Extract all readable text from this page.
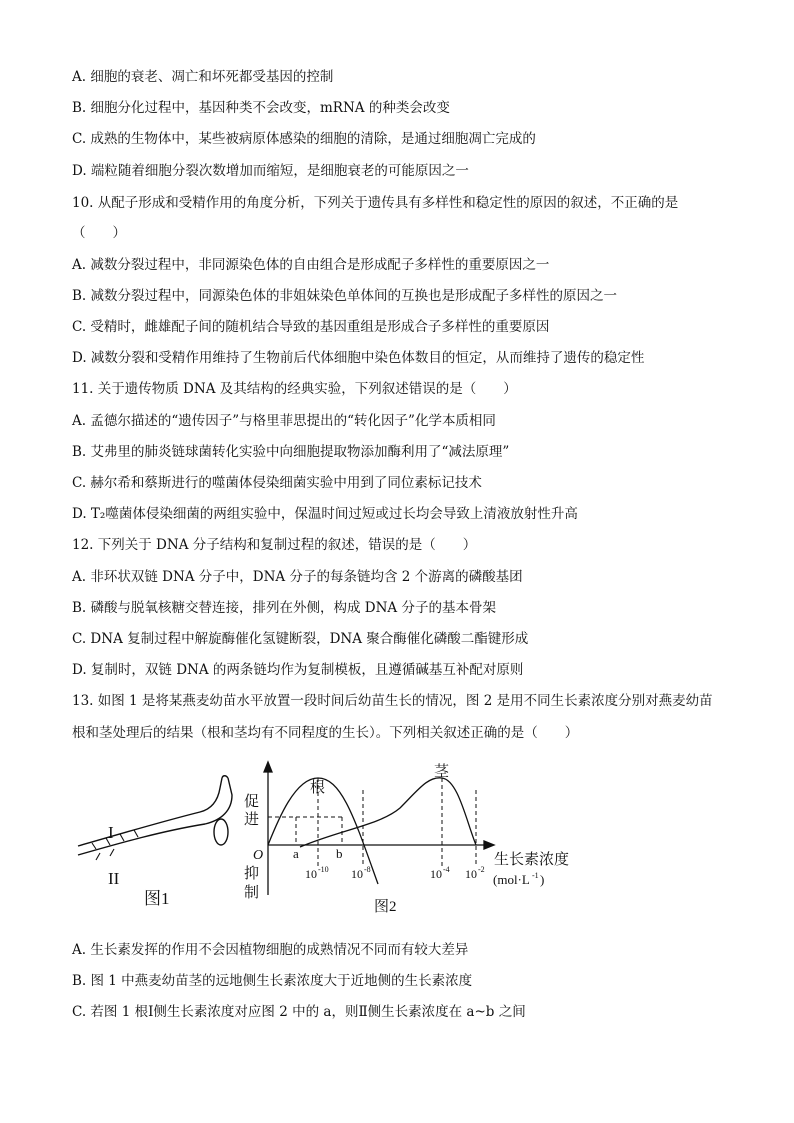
A. 细胞的衰老、凋亡和坏死都受基因的控制
B. 细胞分化过程中，基因种类不会改变，mRNA 的种类会改变
C. 成熟的生物体中，某些被病原体感染的细胞的清除，是通过细胞凋亡完成的
D. 端粒随着细胞分裂次数增加而缩短，是细胞衰老的可能原因之一
10. 从配子形成和受精作用的角度分析，下列关于遗传具有多样性和稳定性的原因的叙述，不正确的是
（　　）
A. 减数分裂过程中，非同源染色体的自由组合是形成配子多样性的重要原因之一
B. 减数分裂过程中，同源染色体的非姐妹染色单体间的互换也是形成配子多样性的原因之一
C. 受精时，雌雄配子间的随机结合导致的基因重组是形成合子多样性的重要原因
D. 减数分裂和受精作用维持了生物前后代体细胞中染色体数目的恒定，从而维持了遗传的稳定性
11. 关于遗传物质 DNA 及其结构的经典实验，下列叙述错误的是（　　）
A. 孟德尔描述的“遗传因子”与格里菲思提出的“转化因子”化学本质相同
B. 艾弗里的肺炎链球菌转化实验中向细胞提取物添加酶利用了“减法原理”
C. 赫尔希和蔡斯进行的噬菌体侵染细菌实验中用到了同位素标记技术
D. T₂噬菌体侵染细菌的两组实验中，保温时间过短或过长均会导致上清液放射性升高
12. 下列关于 DNA 分子结构和复制过程的叙述，错误的是（　　）
A. 非环状双链 DNA 分子中，DNA 分子的每条链均含 2 个游离的磷酸基团
B. 磷酸与脱氧核糖交替连接，排列在外侧，构成 DNA 分子的基本骨架
C. DNA 复制过程中解旋酶催化氢键断裂，DNA 聚合酶催化磷酸二酯键形成
D. 复制时，双链 DNA 的两条链均作为复制模板，且遵循碱基互补配对原则
13. 如图 1 是将某燕麦幼苗水平放置一段时间后幼苗生长的情况，图 2 是用不同生长素浓度分别对燕麦幼苗
根和茎处理后的结果（根和茎均有不同程度的生长）。下列相关叙述正确的是（　　）
A. 生长素发挥的作用不会因植物细胞的成熟情况不同而有较大差异
B. 图 1 中燕麦幼苗茎的远地侧生长素浓度大于近地侧的生长素浓度
C. 若图 1 根Ⅰ侧生长素浓度对应图 2 中的 a，则Ⅱ侧生长素浓度在 a~b 之间
I
II
图1
根
茎
促
进
抑
制
O a	b
10 -10 10 -8	10 -4 10 -2
生长素浓度
(mol·L -1 )
图2
